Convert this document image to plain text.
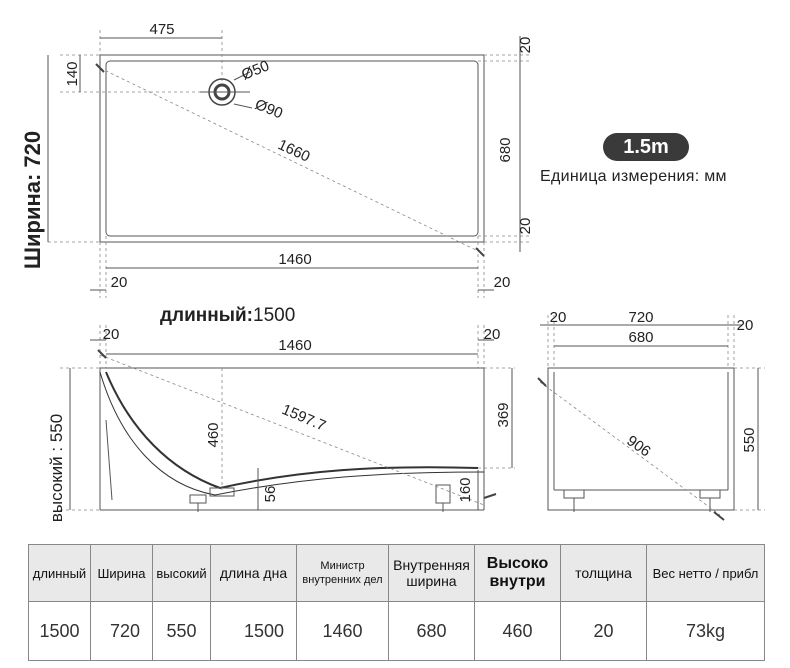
475
20
140	Ø50
Ø90
1660	680
20
1460
20	20
Ширина: 720
20
1460
20
1597.7
460
369
56	160
высокий : 550
20	720	20
680
906	550
1.5m
Единица измерения: мм
длинный:1500
длинный	Ширина	высокий	длина дна	Министр внутренних дел	Внутренняя ширина	Высоко внутри	толщина	Вес нетто / прибл
1500	720	550	1500	1460	680	460	20	73kg
